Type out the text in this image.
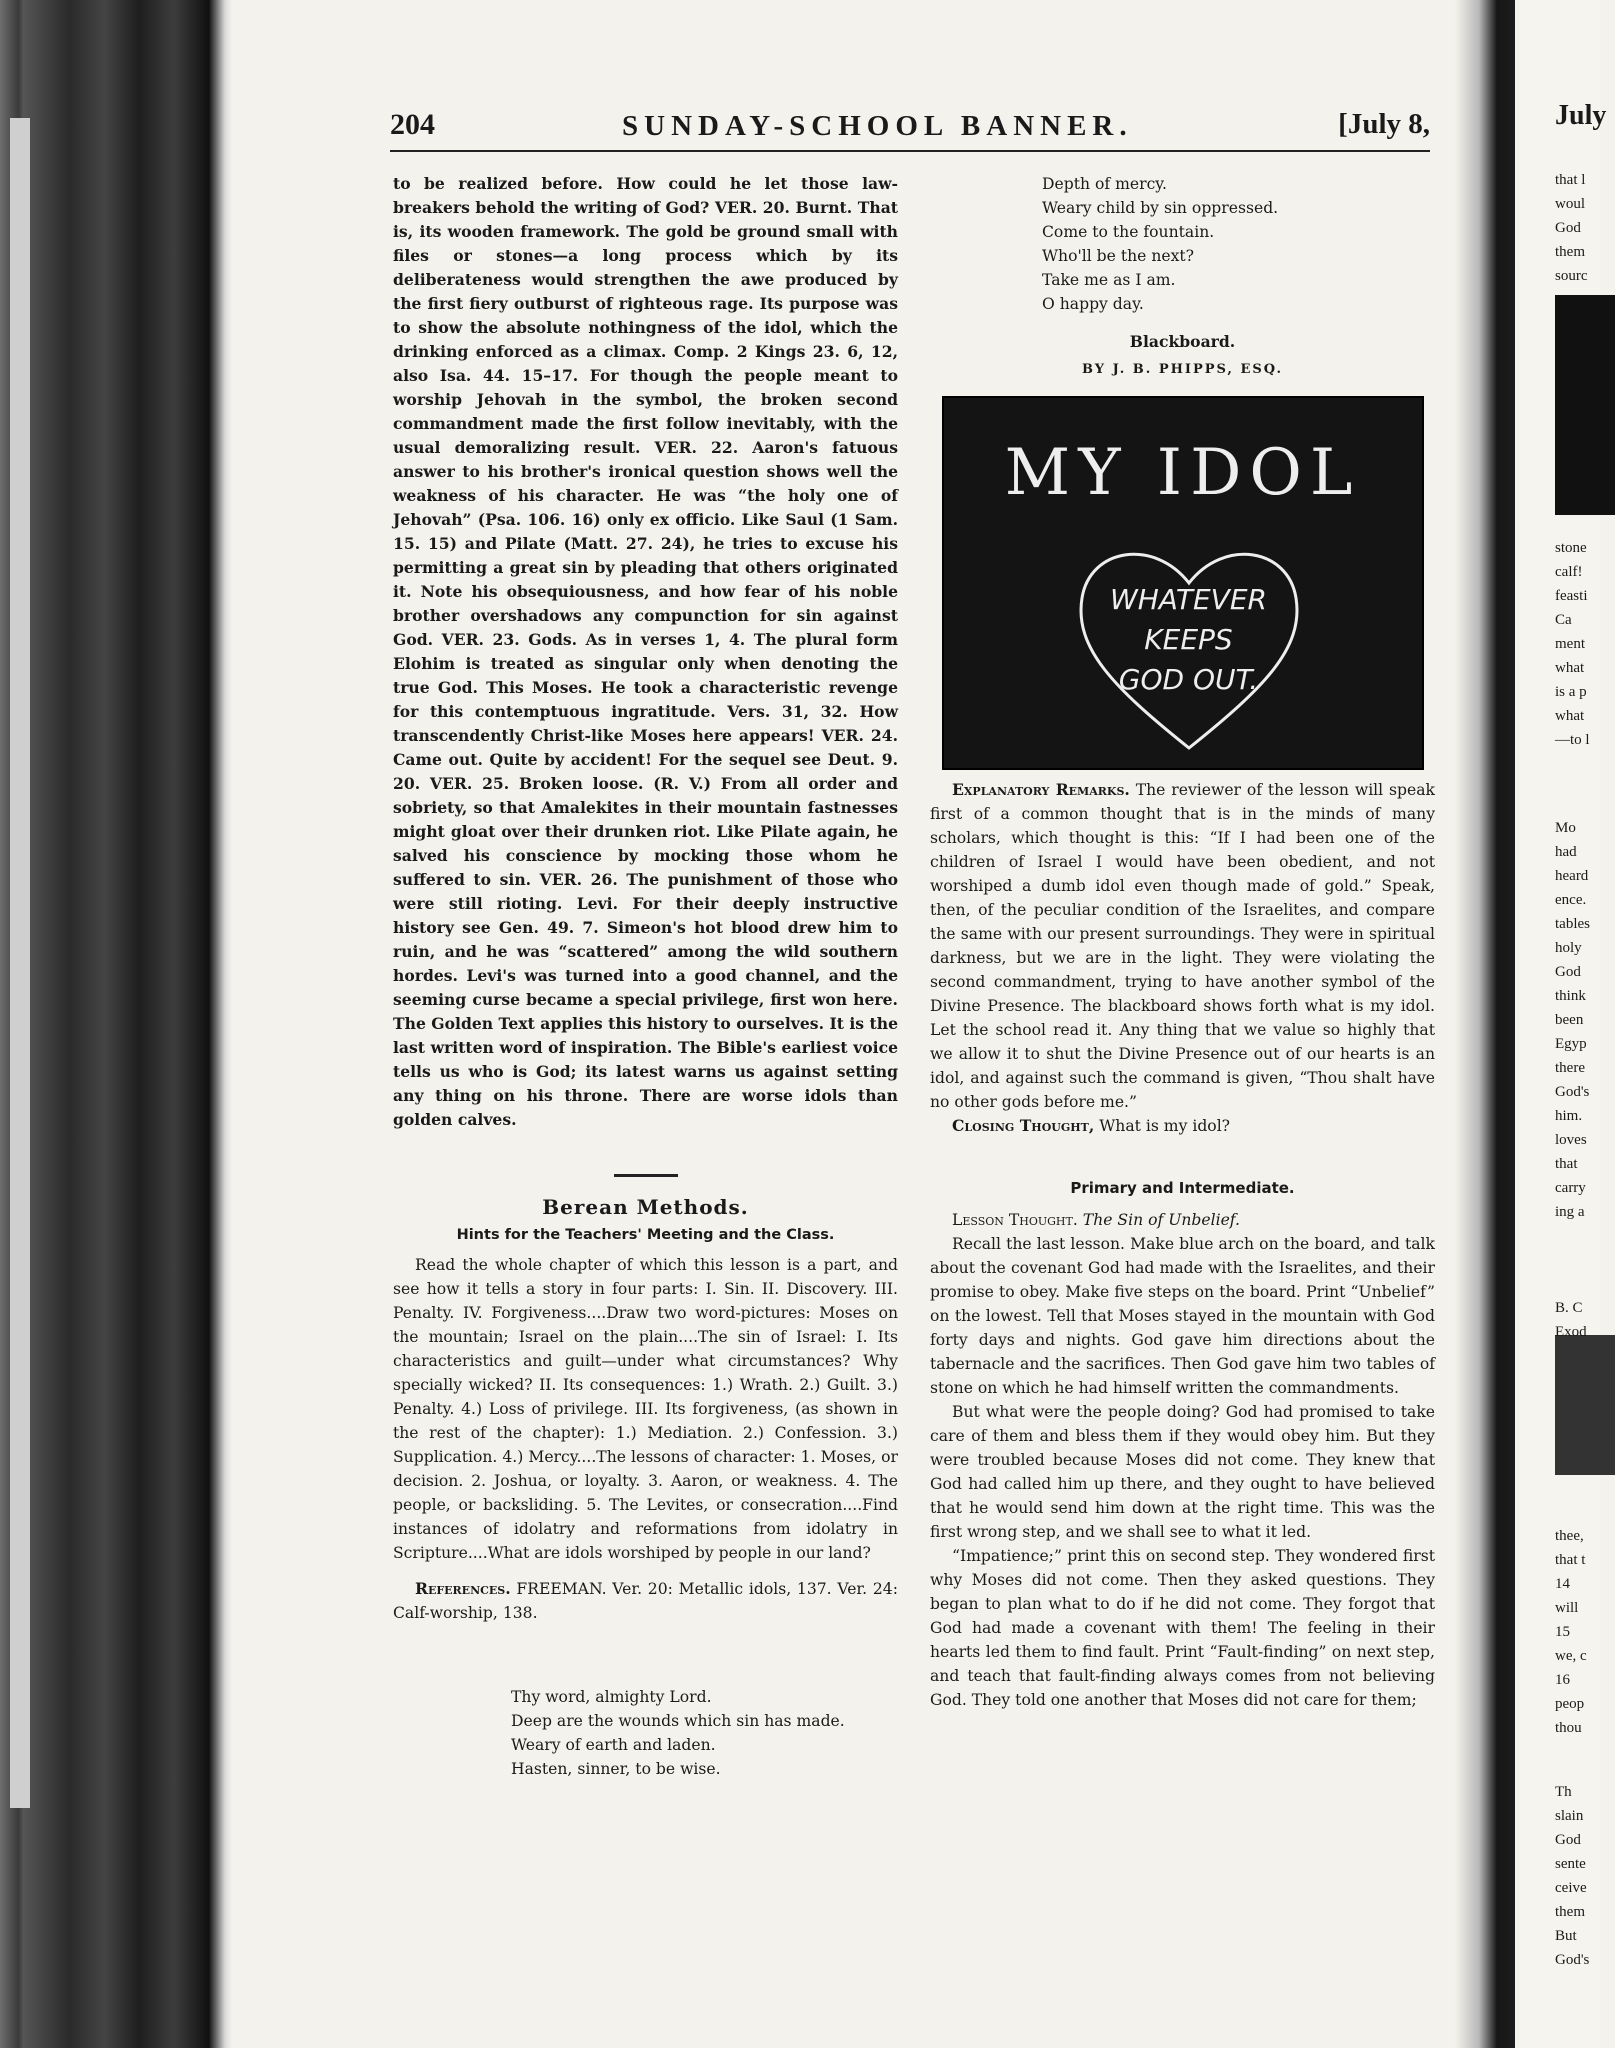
204	SUNDAY-SCHOOL BANNER.	[July 8,

to be realized before. How could he let those law-breakers behold the writing of God? VER. 20. Burnt. That is, its wooden framework. The gold be ground small with files or stones—a long process which by its deliberateness would strengthen the awe produced by the first fiery outburst of righteous rage. Its purpose was to show the absolute nothingness of the idol, which the drinking enforced as a climax. Comp. 2 Kings 23. 6, 12, also Isa. 44. 15–17. For though the people meant to worship Jehovah in the symbol, the broken second commandment made the first follow inevitably, with the usual demoralizing result. VER. 22. Aaron's fatuous answer to his brother's ironical question shows well the weakness of his character. He was “the holy one of Jehovah” (Psa. 106. 16) only ex officio. Like Saul (1 Sam. 15. 15) and Pilate (Matt. 27. 24), he tries to excuse his permitting a great sin by pleading that others originated it. Note his obsequiousness, and how fear of his noble brother overshadows any compunction for sin against God. VER. 23. Gods. As in verses 1, 4. The plural form Elohim is treated as singular only when denoting the true God. This Moses. He took a characteristic revenge for this contemptuous ingratitude. Vers. 31, 32. How transcendently Christ-like Moses here appears! VER. 24. Came out. Quite by accident! For the sequel see Deut. 9. 20. VER. 25. Broken loose. (R. V.) From all order and sobriety, so that Amalekites in their mountain fastnesses might gloat over their drunken riot. Like Pilate again, he salved his conscience by mocking those whom he suffered to sin. VER. 26. The punishment of those who were still rioting. Levi. For their deeply instructive history see Gen. 49. 7. Simeon's hot blood drew him to ruin, and he was “scattered” among the wild southern hordes. Levi's was turned into a good channel, and the seeming curse became a special privilege, first won here. The Golden Text applies this history to ourselves. It is the last written word of inspiration. The Bible's earliest voice tells us who is God; its latest warns us against setting any thing on his throne. There are worse idols than golden calves.

Berean Methods.
Hints for the Teachers' Meeting and the Class.

Read the whole chapter of which this lesson is a part, and see how it tells a story in four parts: I. Sin. II. Discovery. III. Penalty. IV. Forgiveness....Draw two word-pictures: Moses on the mountain; Israel on the plain....The sin of Israel: I. Its characteristics and guilt—under what circumstances? Why specially wicked? II. Its consequences: 1.) Wrath. 2.) Guilt. 3.) Penalty. 4.) Loss of privilege. III. Its forgiveness, (as shown in the rest of the chapter): 1.) Mediation. 2.) Confession. 3.) Supplication. 4.) Mercy....The lessons of character: 1. Moses, or decision. 2. Joshua, or loyalty. 3. Aaron, or weakness. 4. The people, or backsliding. 5. The Levites, or consecration....Find instances of idolatry and reformations from idolatry in Scripture....What are idols worshiped by people in our land?

References. FREEMAN. Ver. 20: Metallic idols, 137. Ver. 24: Calf-worship, 138.

Thy word, almighty Lord.
Deep are the wounds which sin has made.
Weary of earth and laden.
Hasten, sinner, to be wise.
Depth of mercy.
Weary child by sin oppressed.
Come to the fountain.
Who'll be the next?
Take me as I am.
O happy day.
Blackboard.
BY J. B. PHIPPS, ESQ.
MY IDOL
WHATEVER
KEEPS
GOD OUT.

Explanatory Remarks. The reviewer of the lesson will speak first of a common thought that is in the minds of many scholars, which thought is this: “If I had been one of the children of Israel I would have been obedient, and not worshiped a dumb idol even though made of gold.” Speak, then, of the peculiar condition of the Israelites, and compare the same with our present surroundings. They were in spiritual darkness, but we are in the light. They were violating the second commandment, trying to have another symbol of the Divine Presence. The blackboard shows forth what is my idol. Let the school read it. Any thing that we value so highly that we allow it to shut the Divine Presence out of our hearts is an idol, and against such the command is given, “Thou shalt have no other gods before me.”

Closing Thought, What is my idol?

Primary and Intermediate.

Lesson Thought. The Sin of Unbelief.

Recall the last lesson. Make blue arch on the board, and talk about the covenant God had made with the Israelites, and their promise to obey. Make five steps on the board. Print “Unbelief” on the lowest. Tell that Moses stayed in the mountain with God forty days and nights. God gave him directions about the tabernacle and the sacrifices. Then God gave him two tables of stone on which he had himself written the commandments.

But what were the people doing? God had promised to take care of them and bless them if they would obey him. But they were troubled because Moses did not come. They knew that God had called him up there, and they ought to have believed that he would send him down at the right time. This was the first wrong step, and we shall see to what it led.

“Impatience;” print this on second step. They wondered first why Moses did not come. Then they asked questions. They began to plan what to do if he did not come. They forgot that God had made a covenant with them! The feeling in their hearts led them to find fault. Print “Fault-finding” on next step, and teach that fault-finding always comes from not believing God. They told one another that Moses did not care for them;

July
that l
woul
God
them
sourc
stone
calf!
feasti
Ca
ment
what
is a p
what
—to l
Mo
had
heard
ence.
tables
holy
God
think
been
Egyp
there
God's
him.
loves
that
carry
ing a
B. C
Exod
thee,
that t
14
will
15
we, c
16
peop
thou
Th
slain
God
sente
ceive
them
But
God's
